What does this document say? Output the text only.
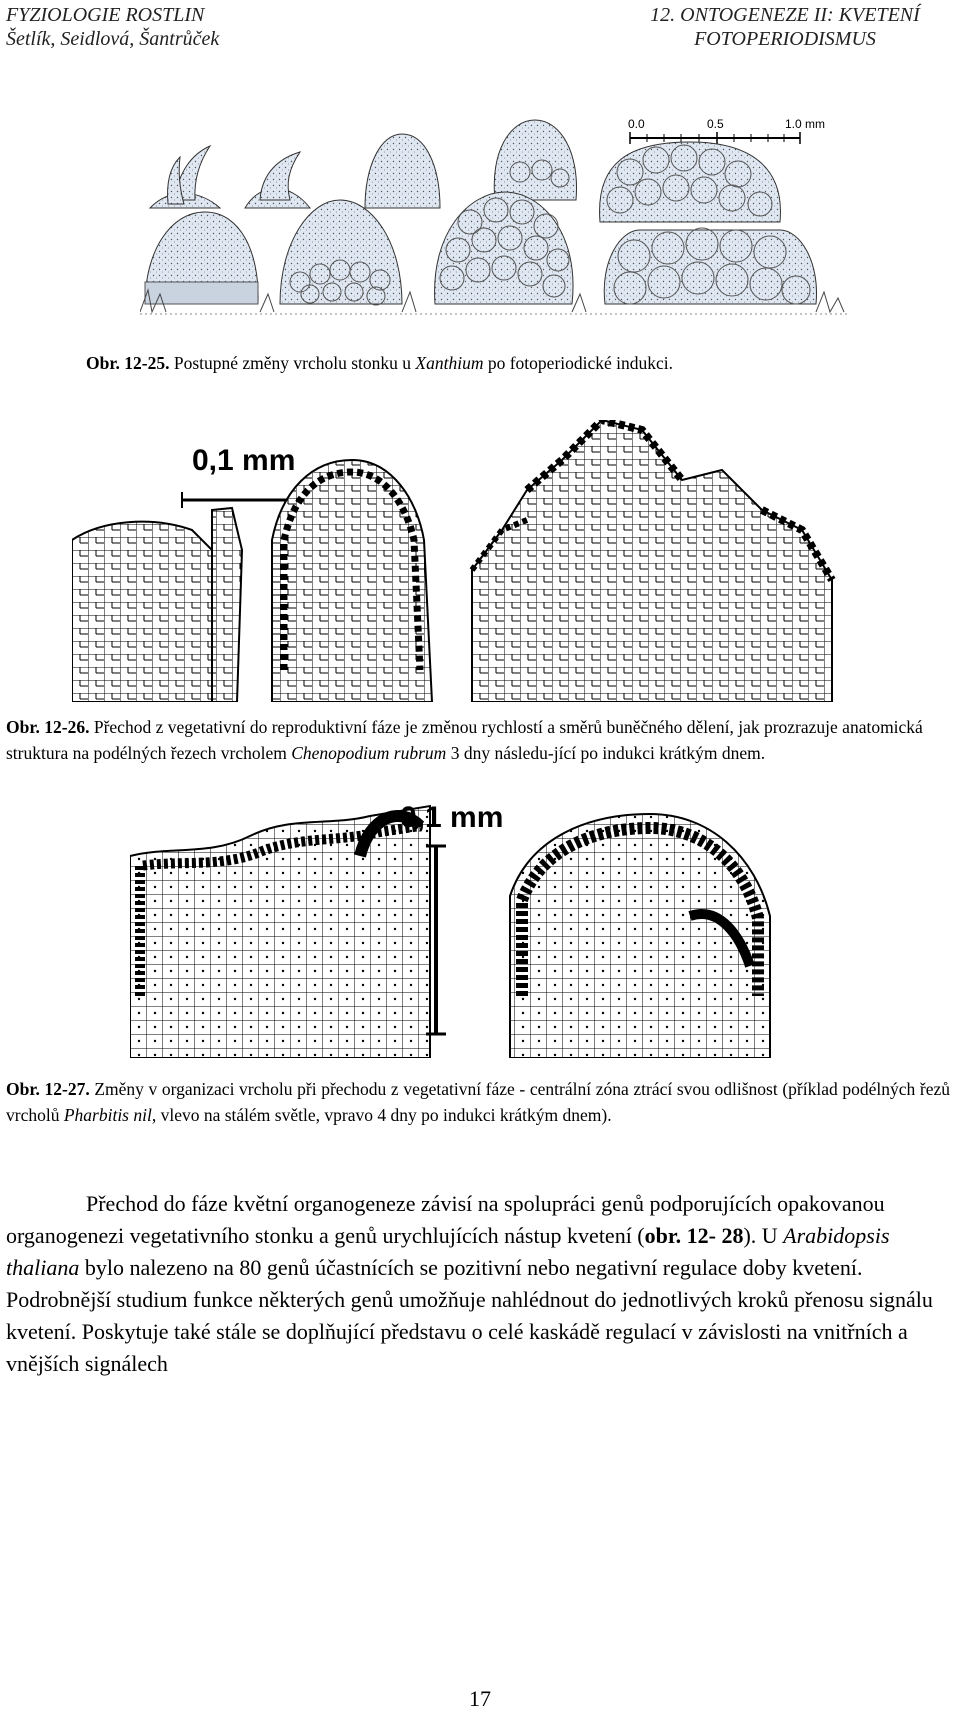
FYZIOLOGIE ROSTLIN
Šetlík, Seidlová, Šantrůček
12. ONTOGENEZE II: KVETENÍ
FOTOPERIODISMUS
0.0	0.5	1.0 mm
Obr. 12-25. Postupné změny vrcholu stonku u Xanthium po fotoperiodické indukci.
0,1 mm
Obr. 12-26. Přechod z vegetativní do reproduktivní fáze je změnou rychlostí a směrů buněčného dělení, jak prozrazuje anatomická struktura na podélných řezech vrcholem Chenopodium rubrum 3 dny následu-jící po indukci krátkým dnem.
0,1 mm
Obr. 12-27. Změny v organizaci vrcholu při přechodu z vegetativní fáze - centrální zóna ztrácí svou odlišnost (příklad podélných řezů vrcholů Pharbitis nil, vlevo na stálém světle, vpravo 4 dny po indukci krátkým dnem).

Přechod do fáze květní organogeneze závisí na spolupráci genů podporujících opakovanou organogenezi vegetativního stonku a genů urychlujících nástup kvetení (obr. 12- 28). U Arabidopsis thaliana bylo nalezeno na 80 genů účastnících se pozitivní nebo negativní regulace doby kvetení. Podrobnější studium funkce některých genů umožňuje nahlédnout do jednotlivých kroků přenosu signálu kvetení. Poskytuje také stále se doplňující představu o celé kaskádě regulací v závislosti na vnitřních a vnějších signálech

17
